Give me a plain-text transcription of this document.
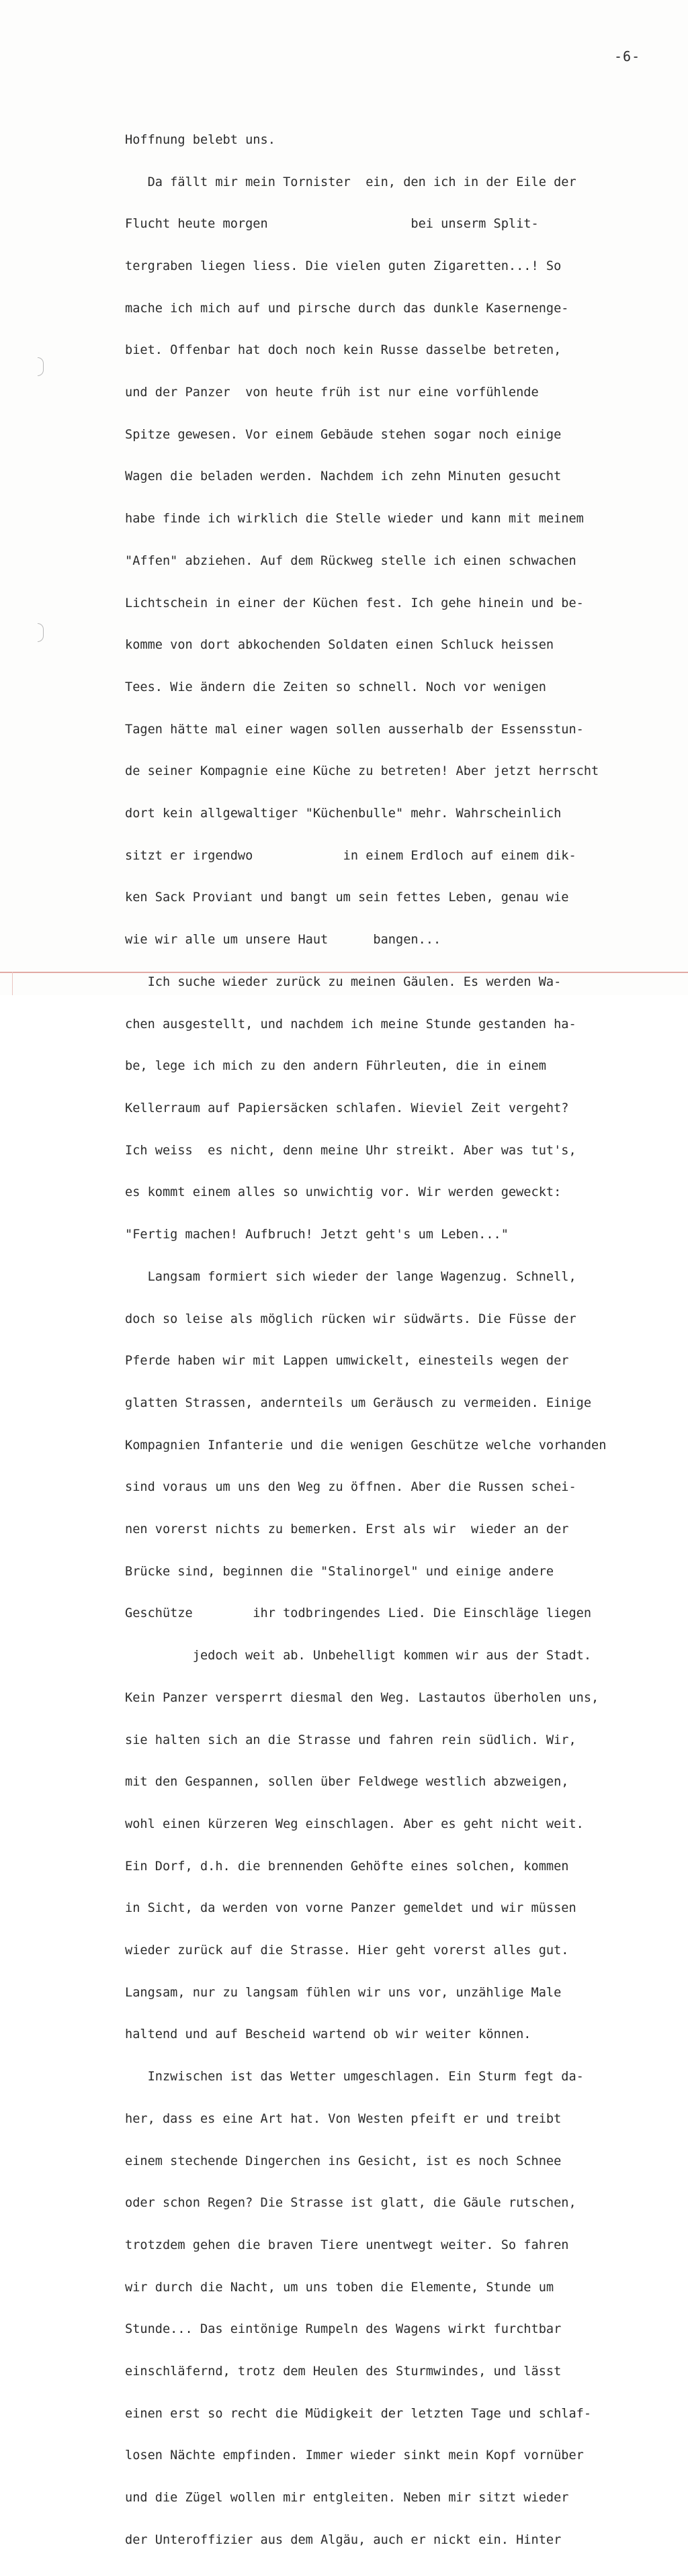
-6-

Hoffnung belebt uns.

Da fällt mir mein Tornister  ein, den ich in der Eile der

Flucht heute morgen                   bei unserm Split-

tergraben liegen liess. Die vielen guten Zigaretten...! So

mache ich mich auf und pirsche durch das dunkle Kasernenge-

biet. Offenbar hat doch noch kein Russe dasselbe betreten,

und der Panzer  von heute früh ist nur eine vorfühlende

Spitze gewesen. Vor einem Gebäude stehen sogar noch einige

Wagen die beladen werden. Nachdem ich zehn Minuten gesucht

habe finde ich wirklich die Stelle wieder und kann mit meinem

"Affen" abziehen. Auf dem Rückweg stelle ich einen schwachen

Lichtschein in einer der Küchen fest. Ich gehe hinein und be-

komme von dort abkochenden Soldaten einen Schluck heissen

Tees. Wie ändern die Zeiten so schnell. Noch vor wenigen

Tagen hätte mal einer wagen sollen ausserhalb der Essensstun-

de seiner Kompagnie eine Küche zu betreten! Aber jetzt herrscht

dort kein allgewaltiger "Küchenbulle" mehr. Wahrscheinlich

sitzt er irgendwo            in einem Erdloch auf einem dik-

ken Sack Proviant und bangt um sein fettes Leben, genau wie

wie wir alle um unsere Haut      bangen...

Ich suche wieder zurück zu meinen Gäulen. Es werden Wa-

chen ausgestellt, und nachdem ich meine Stunde gestanden ha-

be, lege ich mich zu den andern Führleuten, die in einem

Kellerraum auf Papiersäcken schlafen. Wieviel Zeit vergeht?

Ich weiss  es nicht, denn meine Uhr streikt. Aber was tut's,

es kommt einem alles so unwichtig vor. Wir werden geweckt:

"Fertig machen! Aufbruch! Jetzt geht's um Leben..."

Langsam formiert sich wieder der lange Wagenzug. Schnell,

doch so leise als möglich rücken wir südwärts. Die Füsse der

Pferde haben wir mit Lappen umwickelt, einesteils wegen der

glatten Strassen, andernteils um Geräusch zu vermeiden. Einige

Kompagnien Infanterie und die wenigen Geschütze welche vorhanden

sind voraus um uns den Weg zu öffnen. Aber die Russen schei-

nen vorerst nichts zu bemerken. Erst als wir  wieder an der

Brücke sind, beginnen die "Stalinorgel" und einige andere

Geschütze        ihr todbringendes Lied. Die Einschläge liegen

jedoch weit ab. Unbehelligt kommen wir aus der Stadt.

Kein Panzer versperrt diesmal den Weg. Lastautos überholen uns,

sie halten sich an die Strasse und fahren rein südlich. Wir,

mit den Gespannen, sollen über Feldwege westlich abzweigen,

wohl einen kürzeren Weg einschlagen. Aber es geht nicht weit.

Ein Dorf, d.h. die brennenden Gehöfte eines solchen, kommen

in Sicht, da werden von vorne Panzer gemeldet und wir müssen

wieder zurück auf die Strasse. Hier geht vorerst alles gut.

Langsam, nur zu langsam fühlen wir uns vor, unzählige Male

haltend und auf Bescheid wartend ob wir weiter können.

Inzwischen ist das Wetter umgeschlagen. Ein Sturm fegt da-

her, dass es eine Art hat. Von Westen pfeift er und treibt

einem stechende Dingerchen ins Gesicht, ist es noch Schnee

oder schon Regen? Die Strasse ist glatt, die Gäule rutschen,

trotzdem gehen die braven Tiere unentwegt weiter. So fahren

wir durch die Nacht, um uns toben die Elemente, Stunde um

Stunde... Das eintönige Rumpeln des Wagens wirkt furchtbar

einschläfernd, trotz dem Heulen des Sturmwindes, und lässt

einen erst so recht die Müdigkeit der letzten Tage und schlaf-

losen Nächte empfinden. Immer wieder sinkt mein Kopf vornüber

und die Zügel wollen mir entgleiten. Neben mir sitzt wieder

der Unteroffizier aus dem Algäu, auch er nickt ein. Hinter
